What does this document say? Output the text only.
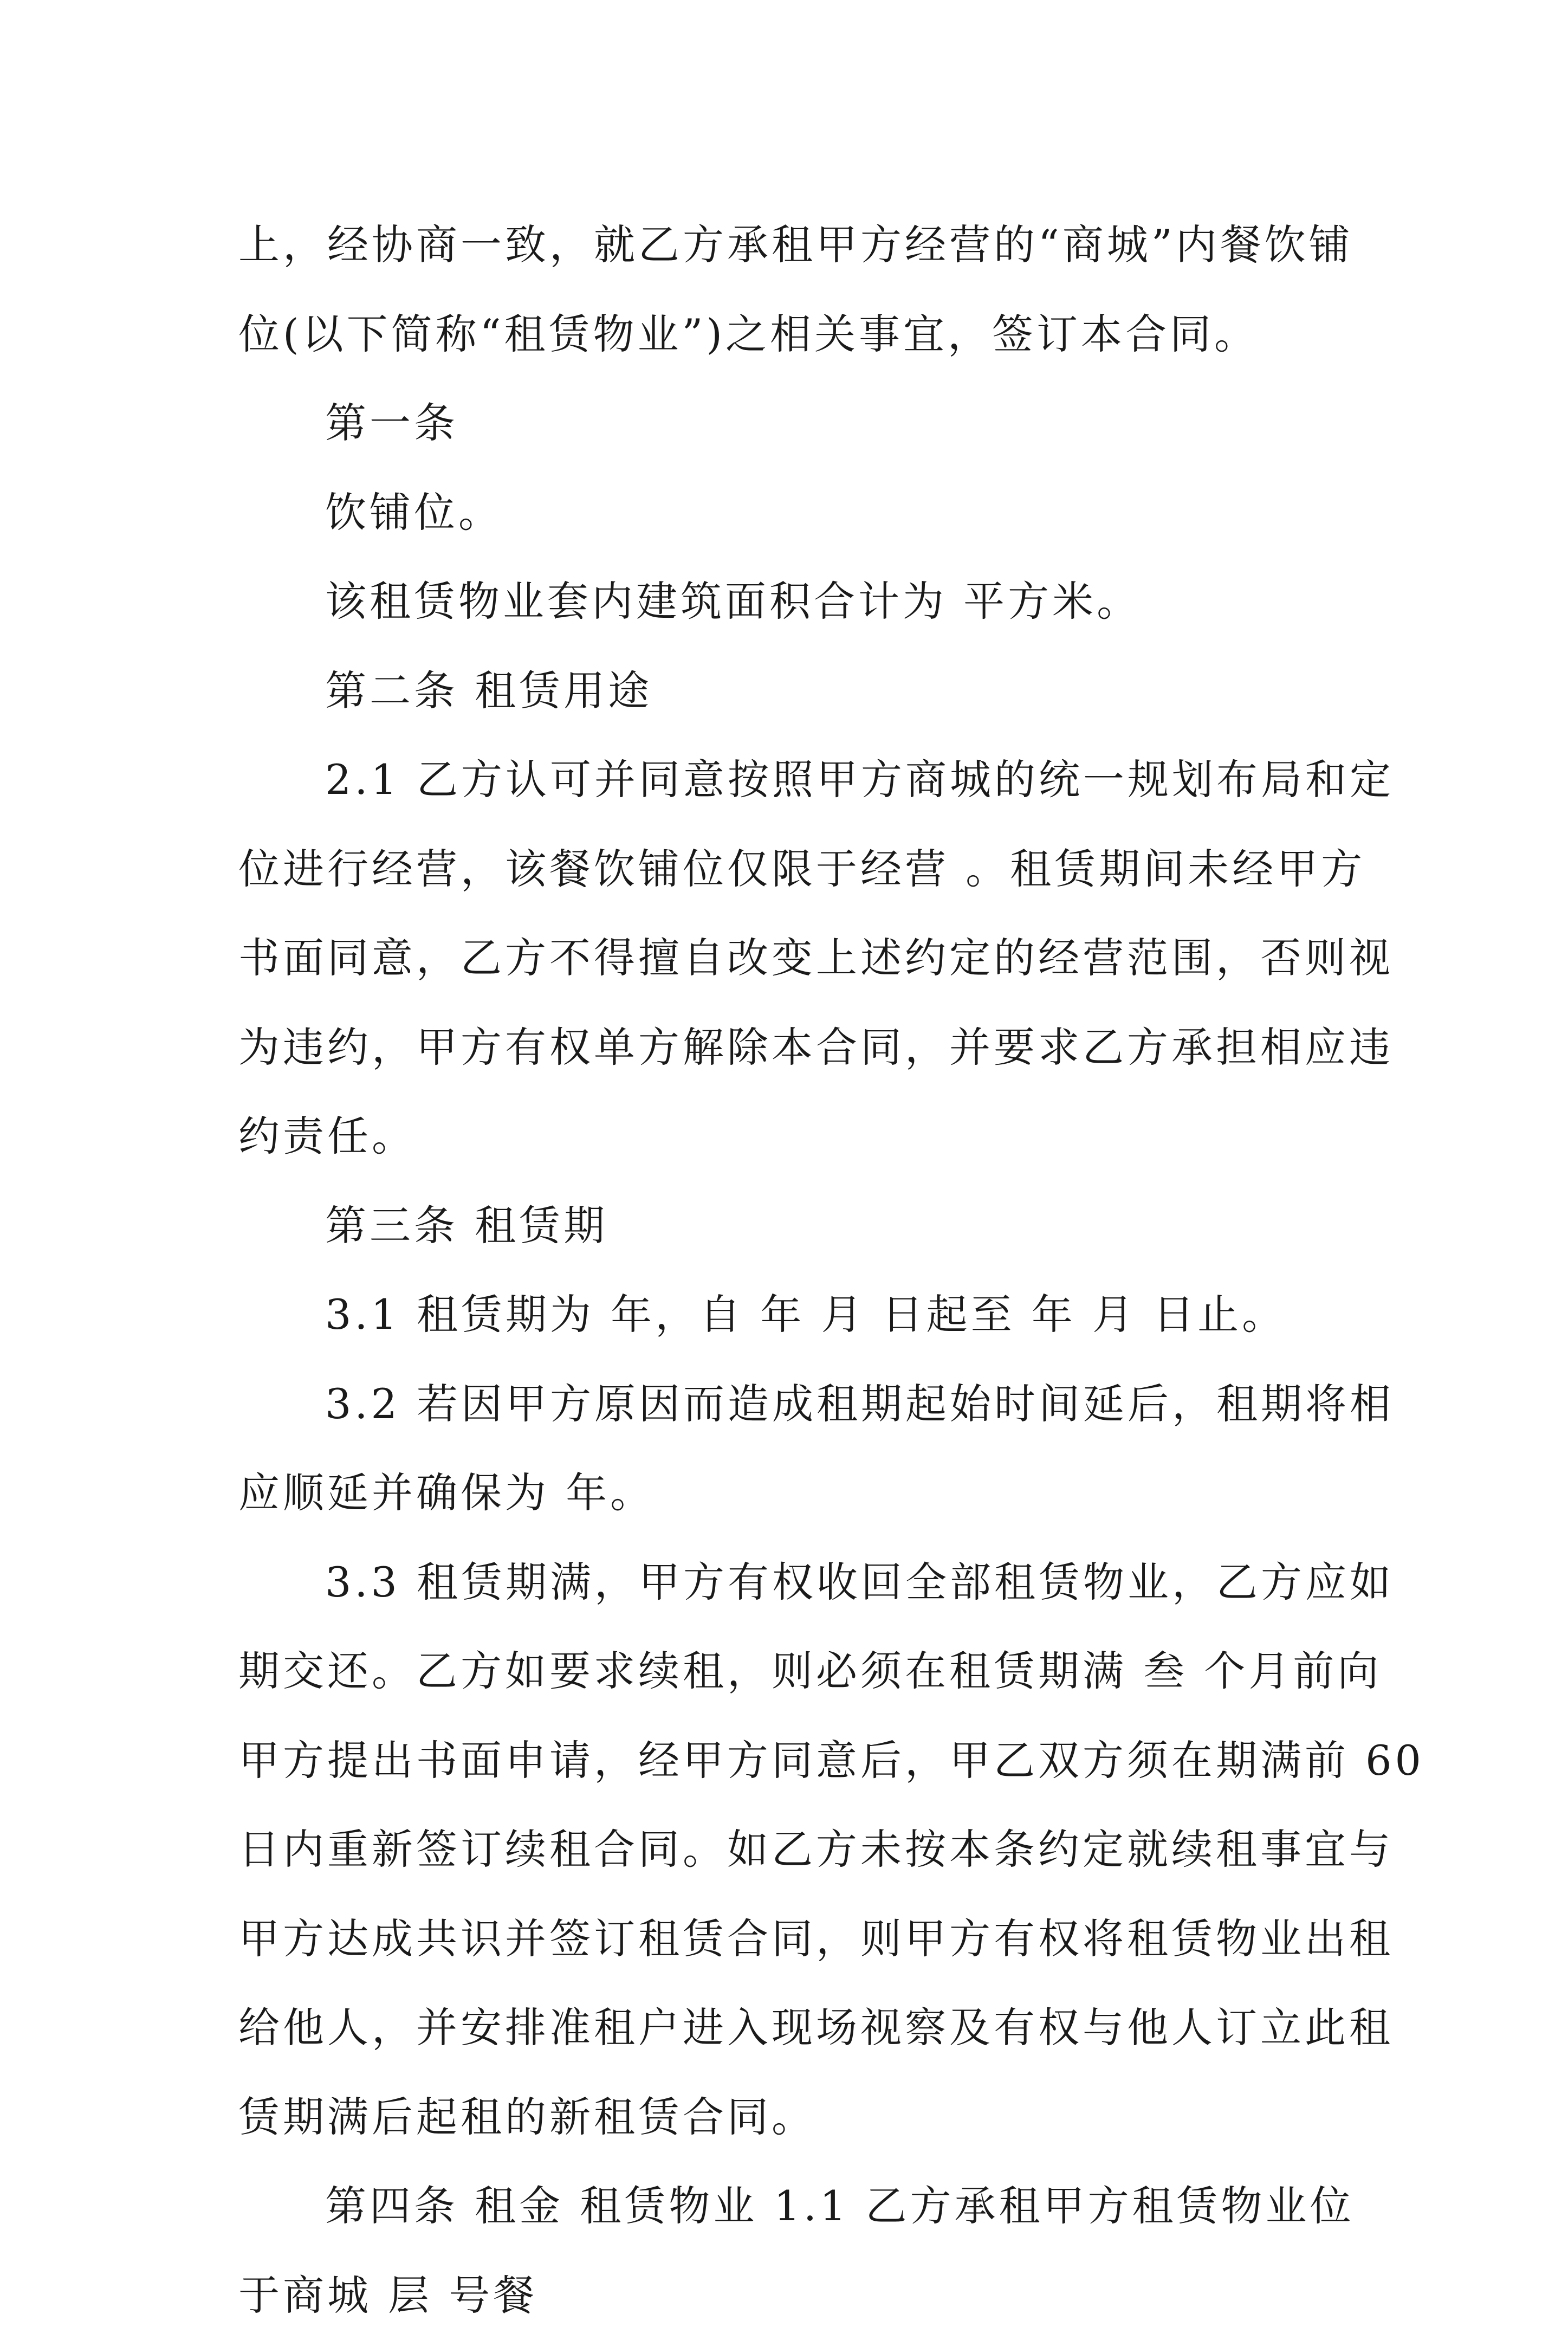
上，经协商一致，就乙方承租甲方经营的“商城”内餐饮铺
位(以下简称“租赁物业”)之相关事宜，签订本合同。
第一条
饮铺位。
该租赁物业套内建筑面积合计为 平方米。
第二条 租赁用途
2.1 乙方认可并同意按照甲方商城的统一规划布局和定
位进行经营，该餐饮铺位仅限于经营 。租赁期间未经甲方
书面同意，乙方不得擅自改变上述约定的经营范围，否则视
为违约，甲方有权单方解除本合同，并要求乙方承担相应违
约责任。
第三条 租赁期
3.1 租赁期为 年，自 年 月 日起至 年 月 日止。
3.2 若因甲方原因而造成租期起始时间延后，租期将相
应顺延并确保为 年。
3.3 租赁期满，甲方有权收回全部租赁物业，乙方应如
期交还。乙方如要求续租，则必须在租赁期满 叁 个月前向
甲方提出书面申请，经甲方同意后，甲乙双方须在期满前 60
日内重新签订续租合同。如乙方未按本条约定就续租事宜与
甲方达成共识并签订租赁合同，则甲方有权将租赁物业出租
给他人，并安排准租户进入现场视察及有权与他人订立此租
赁期满后起租的新租赁合同。
第四条 租金 租赁物业 1.1 乙方承租甲方租赁物业位
于商城 层 号餐
